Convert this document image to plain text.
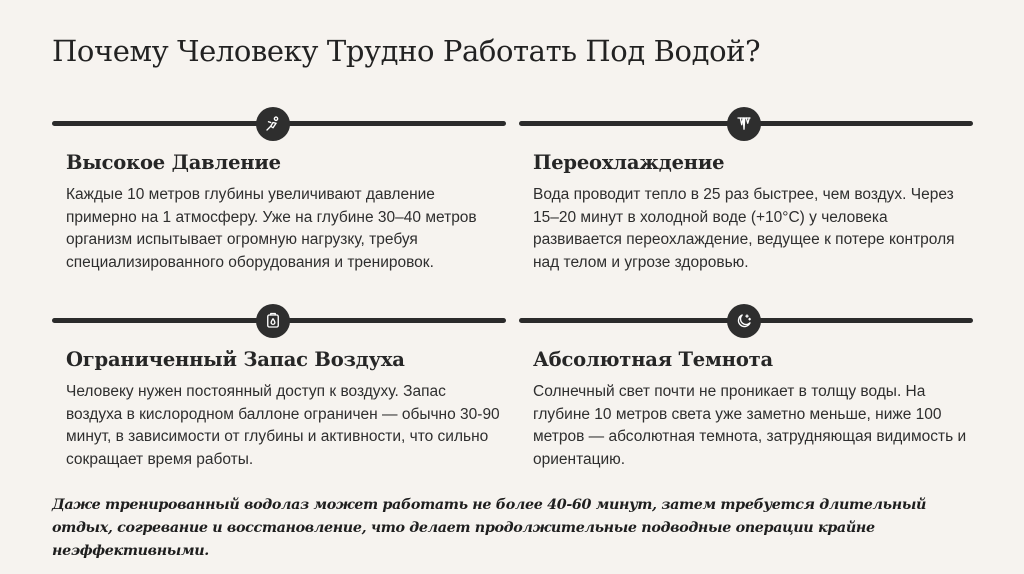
Почему Человеку Трудно Работать Под Водой?
Высокое Давление

Каждые 10 метров глубины увеличивают давление примерно на 1 атмосферу. Уже на глубине 30–40 метров организм испытывает огромную нагрузку, требуя специализированного оборудования и тренировок.

Переохлаждение

Вода проводит тепло в 25 раз быстрее, чем воздух. Через 15–20 минут в холодной воде (+10°C) у человека развивается переохлаждение, ведущее к потере контроля над телом и угрозе здоровью.

Ограниченный Запас Воздуха

Человеку нужен постоянный доступ к воздуху. Запас воздуха в кислородном баллоне ограничен — обычно 30-90 минут, в зависимости от глубины и активности, что сильно сокращает время работы.

Абсолютная Темнота

Солнечный свет почти не проникает в толщу воды. На глубине 10 метров света уже заметно меньше, ниже 100 метров — абсолютная темнота, затрудняющая видимость и ориентацию.

Даже тренированный водолаз может работать не более 40-60 минут, затем требуется длительный отдых, согревание и восстановление, что делает продолжительные подводные операции крайне неэффективными.
